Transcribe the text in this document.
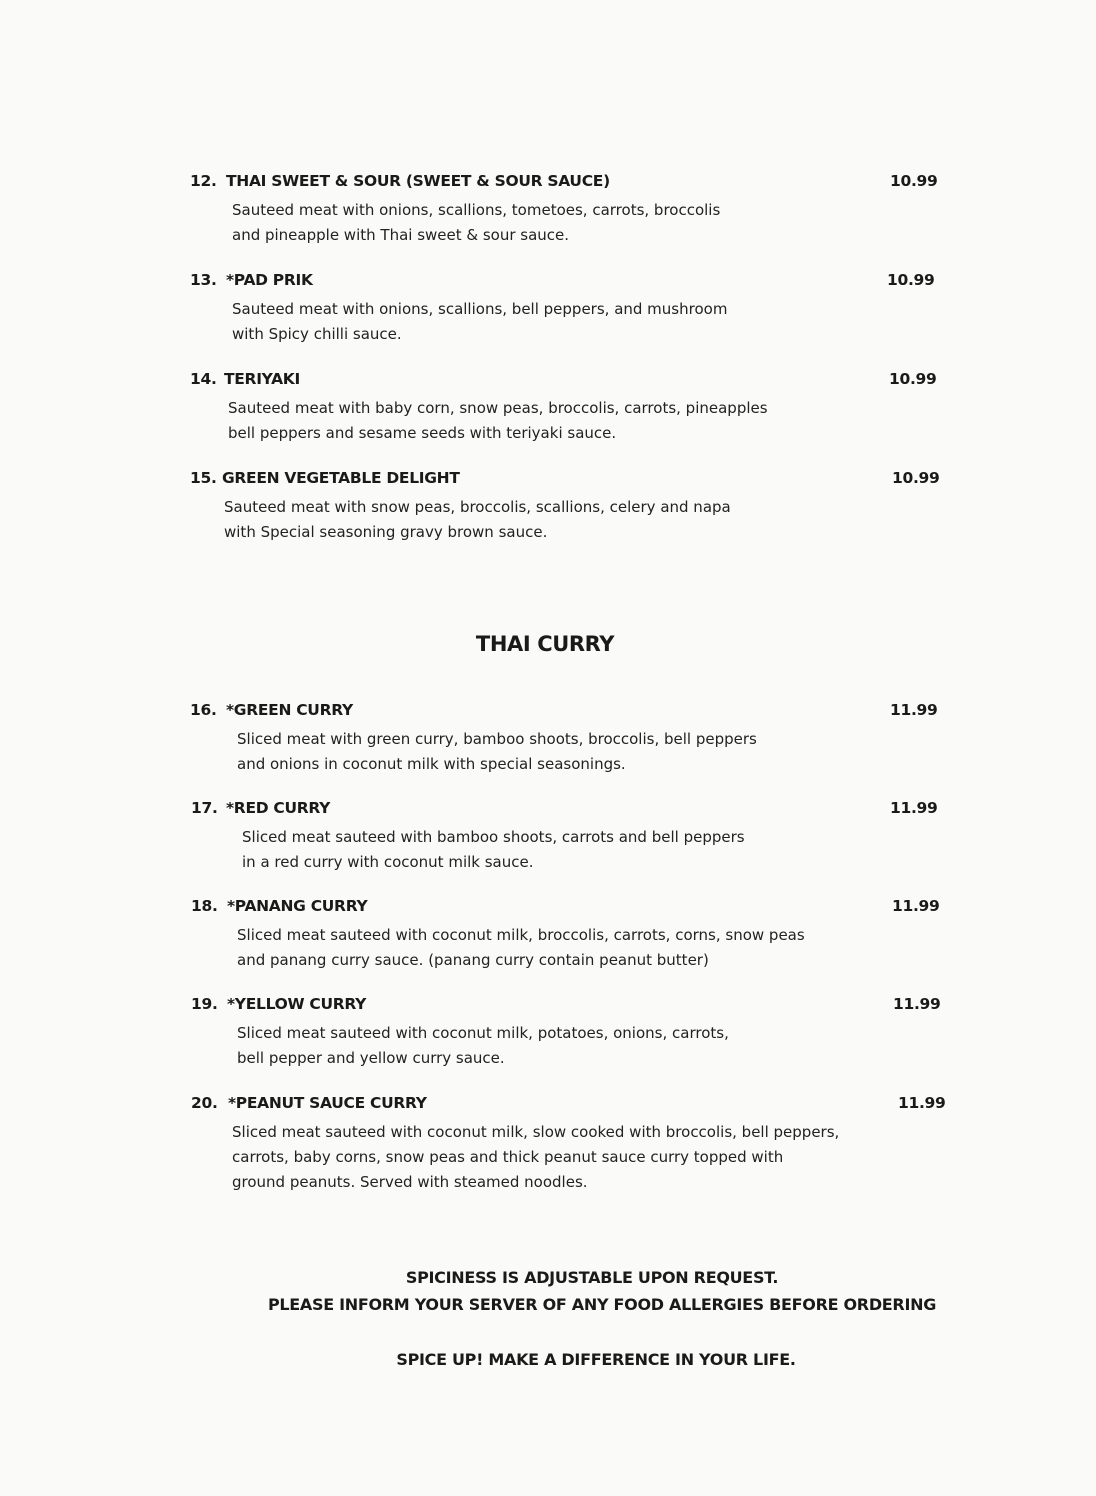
12. THAI SWEET & SOUR (SWEET & SOUR SAUCE)	10.99
Sauteed meat with onions, scallions, tometoes, carrots, broccolis
and pineapple with Thai sweet & sour sauce.
13. *PAD PRIK	10.99
Sauteed meat with onions, scallions, bell peppers, and mushroom
with Spicy chilli sauce.
14. TERIYAKI	10.99
Sauteed meat with baby corn, snow peas, broccolis, carrots, pineapples
bell peppers and sesame seeds with teriyaki sauce.
15. GREEN VEGETABLE DELIGHT	10.99
Sauteed meat with snow peas, broccolis, scallions, celery and napa
with Special seasoning gravy brown sauce.
THAI CURRY
16. *GREEN CURRY	11.99
Sliced meat with green curry, bamboo shoots, broccolis, bell peppers
and onions in coconut milk with special seasonings.
17. *RED CURRY	11.99
Sliced meat sauteed with bamboo shoots, carrots and bell peppers
in a red curry with coconut milk sauce.
18. *PANANG CURRY	11.99
Sliced meat sauteed with coconut milk, broccolis, carrots, corns, snow peas
and panang curry sauce. (panang curry contain peanut butter)
19. *YELLOW CURRY	11.99
Sliced meat sauteed with coconut milk, potatoes, onions, carrots,
bell pepper and yellow curry sauce.
20. *PEANUT SAUCE CURRY	11.99
Sliced meat sauteed with coconut milk, slow cooked with broccolis, bell peppers,
carrots, baby corns, snow peas and thick peanut sauce curry topped with
ground peanuts. Served with steamed noodles.
SPICINESS IS ADJUSTABLE UPON REQUEST.
PLEASE INFORM YOUR SERVER OF ANY FOOD ALLERGIES BEFORE ORDERING
SPICE UP! MAKE A DIFFERENCE IN YOUR LIFE.
